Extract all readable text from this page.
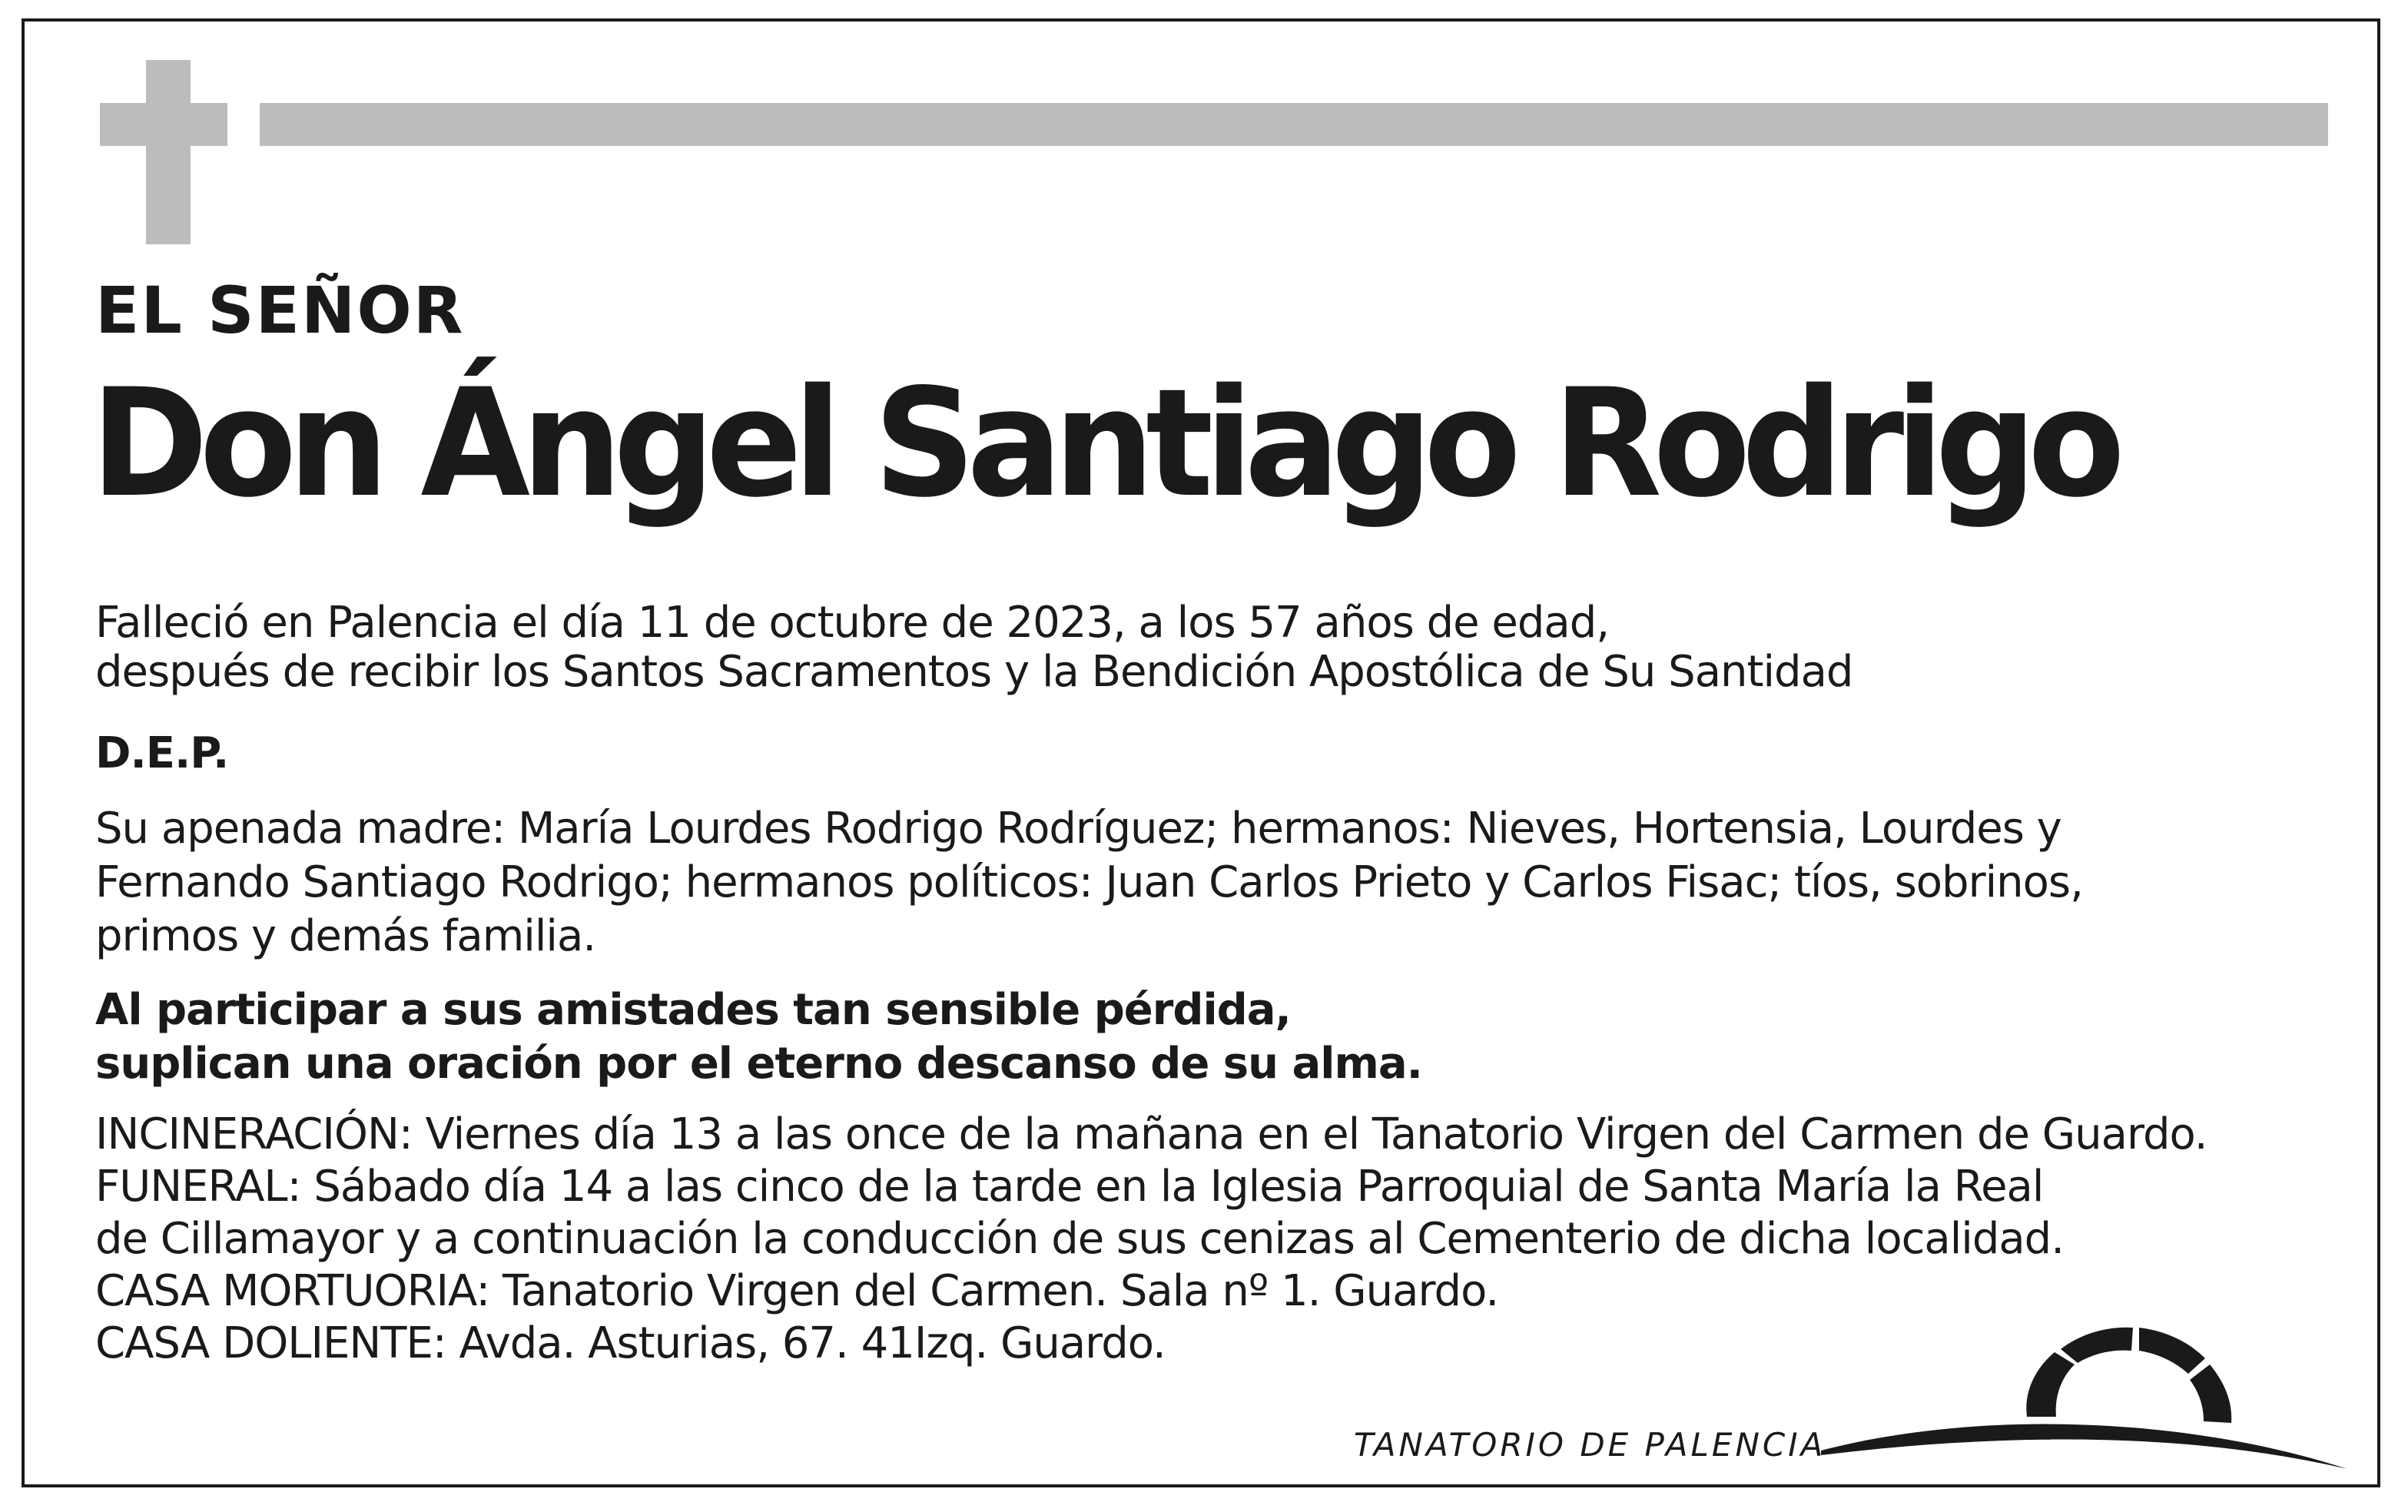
EL SEÑOR
Don Ángel Santiago Rodrigo
Falleció en Palencia el día 11 de octubre de 2023, a los 57 años de edad,
después de recibir los Santos Sacramentos y la Bendición Apostólica de Su Santidad
D.E.P.
Su apenada madre: María Lourdes Rodrigo Rodríguez; hermanos: Nieves, Hortensia, Lourdes y
Fernando Santiago Rodrigo; hermanos políticos: Juan Carlos Prieto y Carlos Fisac; tíos, sobrinos,
primos y demás familia.
Al participar a sus amistades tan sensible pérdida,
suplican una oración por el eterno descanso de su alma.
INCINERACIÓN: Viernes día 13 a las once de la mañana en el Tanatorio Virgen del Carmen de Guardo.
FUNERAL: Sábado día 14 a las cinco de la tarde en la Iglesia Parroquial de Santa María la Real
de Cillamayor y a continuación la conducción de sus cenizas al Cementerio de dicha localidad.
CASA MORTUORIA: Tanatorio Virgen del Carmen. Sala nº 1. Guardo.
CASA DOLIENTE: Avda. Asturias, 67. 41Izq. Guardo.
TANATORIO DE PALENCIA
